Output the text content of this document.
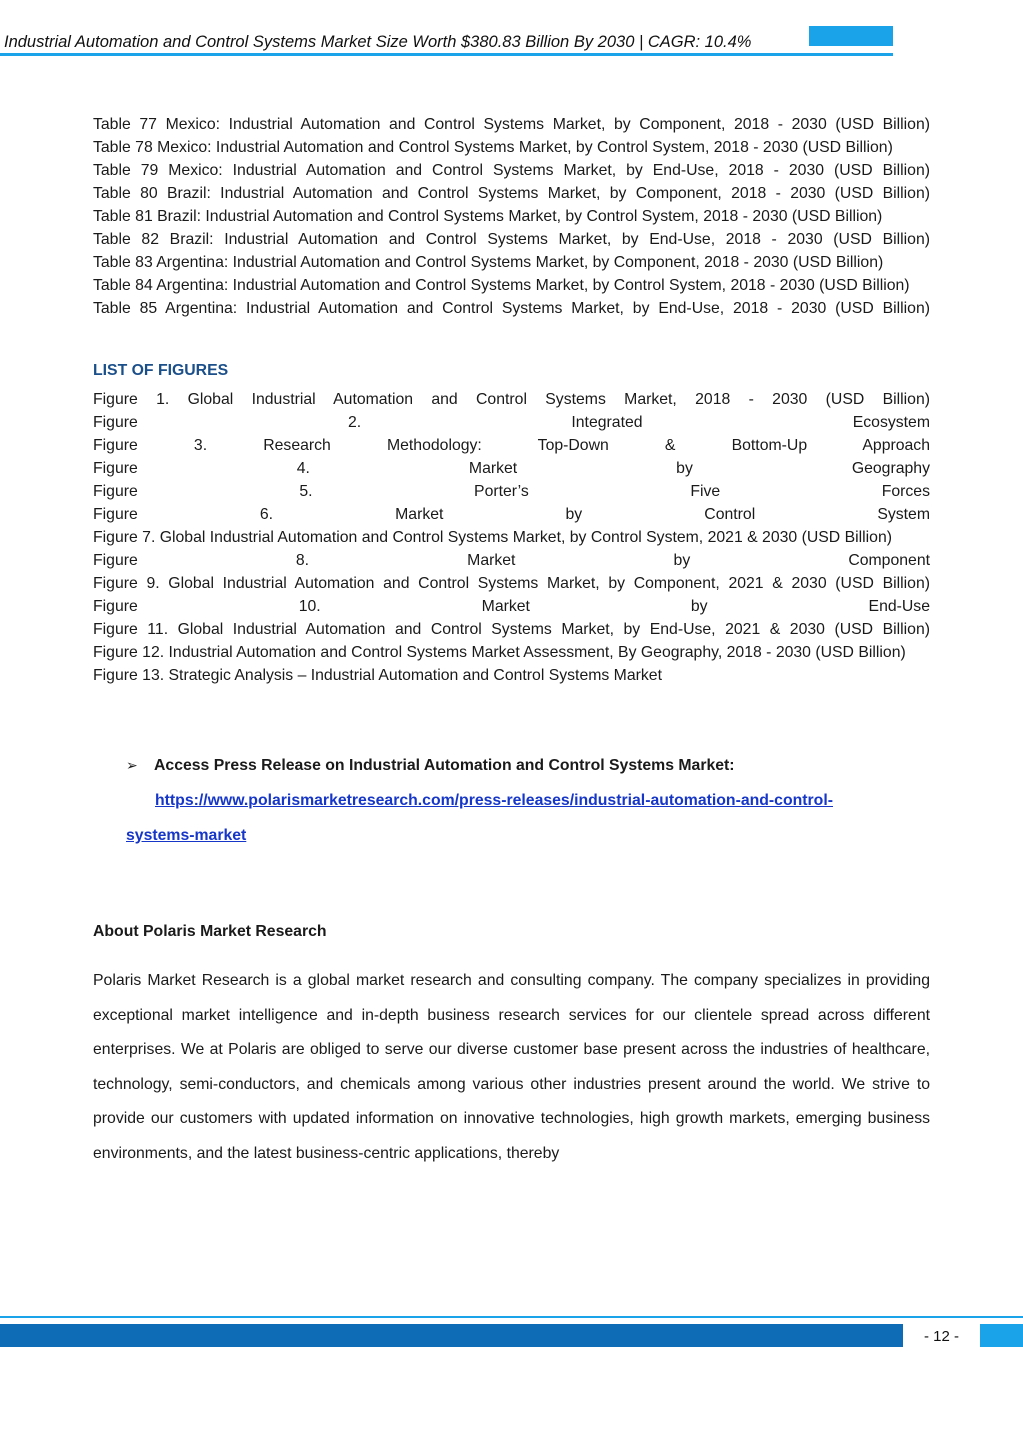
Industrial Automation and Control Systems Market Size Worth $380.83 Billion By 2030 | CAGR: 10.4%

Table 77 Mexico: Industrial Automation and Control Systems Market, by Component, 2018 - 2030 (USD Billion)

Table 78 Mexico: Industrial Automation and Control Systems Market, by Control System, 2018 - 2030 (USD Billion)

Table 79 Mexico: Industrial Automation and Control Systems Market, by End-Use, 2018 - 2030 (USD Billion)

Table 80 Brazil: Industrial Automation and Control Systems Market, by Component, 2018 - 2030 (USD Billion)

Table 81 Brazil: Industrial Automation and Control Systems Market, by Control System, 2018 - 2030 (USD Billion)

Table 82 Brazil: Industrial Automation and Control Systems Market, by End-Use, 2018 - 2030 (USD Billion)

Table 83 Argentina: Industrial Automation and Control Systems Market, by Component, 2018 - 2030 (USD Billion)

Table 84 Argentina: Industrial Automation and Control Systems Market, by Control System, 2018 - 2030 (USD Billion)

Table 85 Argentina: Industrial Automation and Control Systems Market, by End-Use, 2018 - 2030 (USD Billion)

LIST OF FIGURES

Figure 1. Global Industrial Automation and Control Systems Market, 2018 - 2030 (USD Billion)

Figure 2. Integrated Ecosystem

Figure 3. Research Methodology: Top-Down & Bottom-Up Approach

Figure 4. Market by Geography

Figure 5. Porter’s Five Forces

Figure 6. Market by Control System

Figure 7. Global Industrial Automation and Control Systems Market, by Control System, 2021 & 2030 (USD Billion)

Figure 8. Market by Component

Figure 9. Global Industrial Automation and Control Systems Market, by Component, 2021 & 2030 (USD Billion)

Figure 10. Market by End-Use

Figure 11. Global Industrial Automation and Control Systems Market, by End-Use, 2021 & 2030 (USD Billion)

Figure 12. Industrial Automation and Control Systems Market Assessment, By Geography, 2018 - 2030 (USD Billion)

Figure 13. Strategic Analysis – Industrial Automation and Control Systems Market

➢	Access Press Release on Industrial Automation and Control Systems Market:
https://www.polarismarketresearch.com/press-releases/industrial-automation-and-control-
systems-market
About Polaris Market Research

Polaris Market Research is a global market research and consulting company. The company specializes in providing exceptional market intelligence and in-depth business research services for our clientele spread across different enterprises. We at Polaris are obliged to serve our diverse customer base present across the industries of healthcare, technology, semi-conductors, and chemicals among various other industries present around the world. We strive to provide our customers with updated information on innovative technologies, high growth markets, emerging business environments, and the latest business-centric applications, thereby

- 12 -
